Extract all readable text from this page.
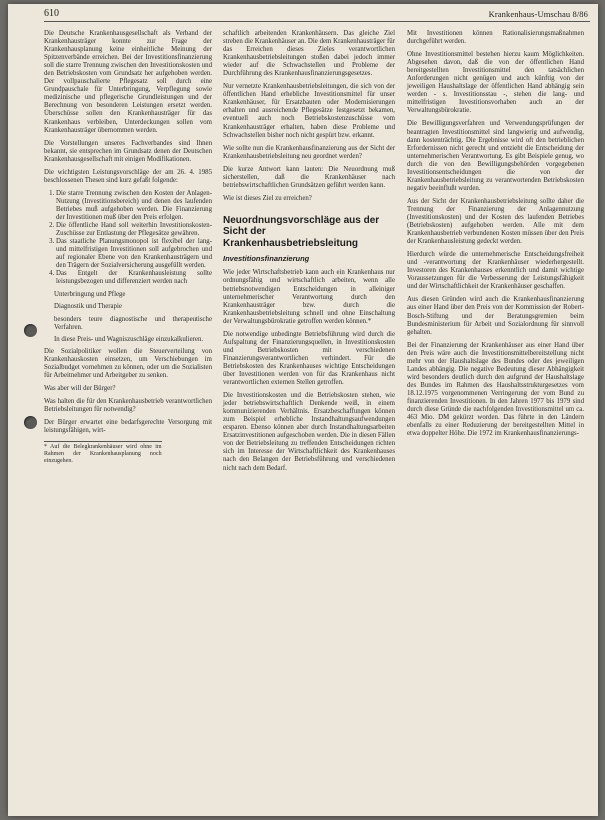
610	Krankenhaus-Umschau 8/86

Die Deutsche Krankenhausgesellschaft als Verband der Krankenhausträger konnte zur Frage der Krankenhausplanung keine einheitliche Meinung der Spitzenverbände erreichen. Bei der Investitionsfinanzierung soll die starre Trennung zwischen den Investitionskosten und den Betriebskosten vom Grundsatz her aufgehoben werden. Der vollpauschalierte Pflegesatz soll durch eine Grundpauschale für Unterbringung, Verpflegung sowie medizinische und pflegerische Grundleistungen und der Berechnung von besonderen Leistungen ersetzt werden. Überschüsse sollen den Krankenhausträger für das Krankenhaus verbleiben, Unterdeckungen sollen vom Krankenhausträger übernommen werden.

Die Vorstellungen unseres Fachverbandes sind Ihnen bekannt, sie entsprechen im Grundsatz denen der Deutschen Krankenhausgesellschaft mit einigen Modifikationen.

Die wichtigsten Leistungsvorschläge der am 26. 4. 1985 beschlossenen Thesen sind kurz gefaßt folgende:

1. Die starre Trennung zwischen den Kosten der Anlagen-Nutzung (Investitionsbereich) und denen des laufenden Betriebes muß aufgehoben werden. Die Finanzierung der Investitionen muß über den Preis erfolgen.
2. Die öffentliche Hand soll weiterhin Investitionskosten-Zuschüsse zur Entlastung der Pflegesätze gewähren.
3. Das staatliche Planungsmonopol ist flexibel der lang- und mittelfristigen Investitionen soll aufgebrochen und auf regionaler Ebene von den Krankenhausträgern und den Trägern der Sozialversicherung ausgefüllt werden.
4. Das Entgelt der Krankenhausleistung sollte leistungsbezogen und differenziert werden nach
Unterbringung und Pflege
Diagnostik und Therapie
besonders teure diagnostische und therapeutische Verfahren.
In diese Preis- und Wagniszuschläge einzukalkulieren.

Die Sozialpolitiker wollen die Steuerverteilung von Krankenhauskosten einsetzen, um Verschiebungen im Sozialbudget vornehmen zu können, oder um die Sozialisten für Arbeitnehmer und Arbeitgeber zu senken.

Was aber will der Bürger?

Was halten die für den Krankenhausbetrieb verantwortlichen Betriebsleitungen für notwendig?

Der Bürger erwartet eine bedarfsgerechte Versorgung mit leistungsfähigen, wirt-

* Auf die Belegkrankenhäuser wird ohne im Rahmen der Krankenhausplanung noch einzugehen.

schaftlich arbeitenden Krankenhäusern. Das gleiche Ziel streben die Krankenhäuser an. Die dem Krankenhausträger für das Erreichen dieses Zieles verantwortlichen Krankenhausbetriebsleitungen stoßen dabei jedoch immer wieder auf die Schwachstellen und Probleme der Durchführung des Krankenhausfinanzierungsgesetzes.

Nur vernetzte Krankenhausbetriebsleitungen, die sich von der öffentlichen Hand erhebliche Investitionsmittel für unser Krankenhäuser, für Ersatzbauten oder Modernisierungen erhalten und ausreichende Pflegesätze festgesetzt bekamen, eventuell auch noch Betriebskostenzuschüsse vom Krankenhausträger erhalten, haben diese Probleme und Schwachstellen bisher noch nicht gespürt bzw. erkannt.

Wie sollte nun die Krankenhausfinanzierung aus der Sicht der Krankenhausbetriebsleitung neu geordnet werden?

Die kurze Antwort kann lauten: Die Neuordnung muß sicherstellen, daß die Krankenhäuser nach betriebswirtschaftlichen Grundsätzen geführt werden kann.

Wie ist dieses Ziel zu erreichen?

Neuordnungsvorschläge aus der Sicht der Krankenhausbetriebsleitung
Investitionsfinanzierung

Wie jeder Wirtschaftsbetrieb kann auch ein Krankenhaus nur ordnungsfähig und wirtschaftlich arbeiten, wenn alle betriebsnotwendigen Entscheidungen in alleiniger unternehmerischer Verantwortung durch den Krankenhausträger bzw. durch die Krankenhausbetriebsleitung schnell und ohne Einschaltung der Verwaltungsbürokratie getroffen werden können.*

Die notwendige unbedingte Betriebsführung wird durch die Aufspaltung der Finanzierungsquellen, in Investitionskosten und Betriebskosten mit verschiedenen Finanzierungsverantwortlichen verhindert. Für die Betriebskosten des Krankenhauses wichtige Entscheidungen über Investitionen werden von für das Krankenhaus nicht verantwortlichen externen Stellen getroffen.

Die Investitionskosten und die Betriebskosten stehen, wie jeder betriebswirtschaftlich Denkende weiß, in einem kommunizierenden Verhältnis. Ersatzbeschaffungen können zum Beispiel erhebliche Instandhaltungsaufwendungen ersparen. Ebenso können aber durch Instandhaltungsarbeiten Ersatzinvestitionen aufgeschoben werden. Die in diesen Fällen von der Betriebsleitung zu treffenden Entscheidungen richten sich im Interesse der Wirtschaftlichkeit des Krankenhauses nach den Belangen der Betriebsführung und verschiedenen nicht nach dem Bedarf.

Mit Investitionen können Rationalisierungsmaßnahmen durchgeführt werden.

Ohne Investitionsmittel bestehen hierzu kaum Möglichkeiten. Abgesehen davon, daß die von der öffentlichen Hand bereitgestellten Investitionsmittel den tatsächlichen Anforderungen nicht genügen und auch künftig von der jeweiligen Haushaltslage der öffentlichen Hand abhängig sein werden - s. Investitionsstau -, stehen die lang- und mittelfristigen Investitionsvorhaben auch an der Verwaltungsbürokratie.

Die Bewilligungsverfahren und Verwendungsprüfungen der beantragten Investitionsmittel sind langwierig und aufwendig, dann kostenträchtig. Die Ergebnisse wird oft den betrieblichen Erfordernissen nicht gerecht und entzieht die Entscheidung der unternehmerischen Verantwortung. Es gibt Beispiele genug, wo durch die von den Bewilligungsbehörden vorgegebenen Investitionsentscheidungen die von der Krankenhausbetriebsleitung zu verantwortenden Betriebskosten negativ beeinflußt wurden.

Aus der Sicht der Krankenhausbetriebsleitung sollte daher die Trennung der Finanzierung der Anlagennutzung (Investitionskosten) und der Kosten des laufenden Betriebes (Betriebskosten) aufgehoben werden. Alle mit dem Krankenhausbetrieb verbundenen Kosten müssen über den Preis der Krankenhausleistung gedeckt werden.

Hierdurch würde die unternehmerische Entscheidungsfreiheit und -verantwortung der Krankenhäuser wiederhergestellt. Investoren des Krankenhauses erkenntlich und damit wichtige Voraussetzungen für die Verbesserung der Leistungsfähigkeit und der Wirtschaftlichkeit der Krankenhäuser geschaffen.

Aus diesen Gründen wird auch die Krankenhausfinanzierung aus einer Hand über den Preis von der Kommission der Robert-Bosch-Stiftung und der Beratungsgremien beim Bundesministerium für Arbeit und Sozialordnung für sinnvoll gehalten.

Bei der Finanzierung der Krankenhäuser aus einer Hand über den Preis wäre auch die Investitionsmittelbereitstellung nicht mehr von der Haushaltslage des Bundes oder des jeweiligen Landes abhängig. Die negative Bedeutung dieser Abhängigkeit wird besonders deutlich durch den aufgrund der Haushaltslage des Bundes im Rahmen des Haushaltsstrukturgesetzes vom 18.12.1975 vorgenommenen Verringerung der vom Bund zu finanzierenden Investitionen. In den Jahren 1977 bis 1979 sind durch diese Gründe die nachfolgenden Investitionsmittel um ca. 463 Mio. DM gekürzt worden. Das führte in den Ländern ebenfalls zu einer Reduzierung der bereitgestellten Mittel in etwa doppelter Höhe. Die 1972 im Krankenhausfinanzierungs-
